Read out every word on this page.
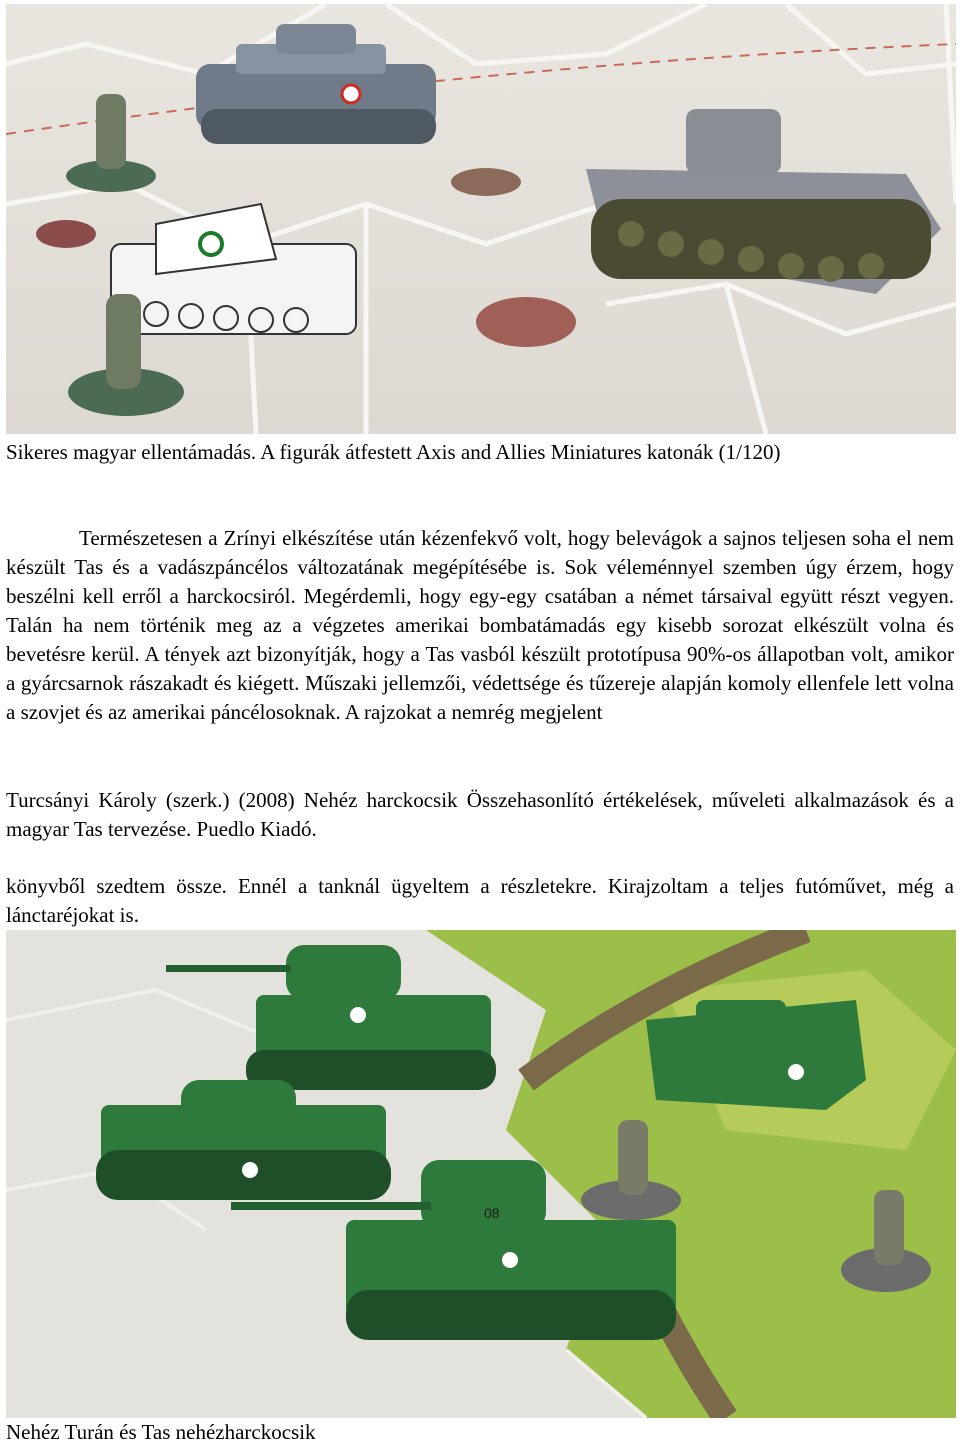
Sikeres magyar ellentámadás. A figurák átfestett Axis and Allies Miniatures katonák (1/120)

Természetesen a Zrínyi elkészítése után kézenfekvő volt, hogy belevágok a sajnos teljesen soha el nem készült Tas és a vadászpáncélos változatának megépítésébe is. Sok véleménnyel szemben úgy érzem, hogy beszélni kell erről a harckocsiról. Megérdemli, hogy egy-egy csatában a német társaival együtt részt vegyen. Talán ha nem történik meg az a végzetes amerikai bombatámadás egy kisebb sorozat elkészült volna és bevetésre kerül. A tények azt bizonyítják, hogy a Tas vasból készült prototípusa 90%-os állapotban volt, amikor a gyárcsarnok rászakadt és kiégett. Műszaki jellemzői, védettsége és tűzereje alapján komoly ellenfele lett volna a szovjet és az amerikai páncélosoknak. A rajzokat a nemrég megjelent

Turcsányi Károly (szerk.) (2008) Nehéz harckocsik Összehasonlító értékelések, műveleti alkalmazások és a magyar Tas tervezése. Puedlo Kiadó.

könyvből szedtem össze. Ennél a tanknál ügyeltem a részletekre. Kirajzoltam a teljes futóművet, még a lánctaréjokat is.

08
Nehéz Turán és Tas nehézharckocsik
